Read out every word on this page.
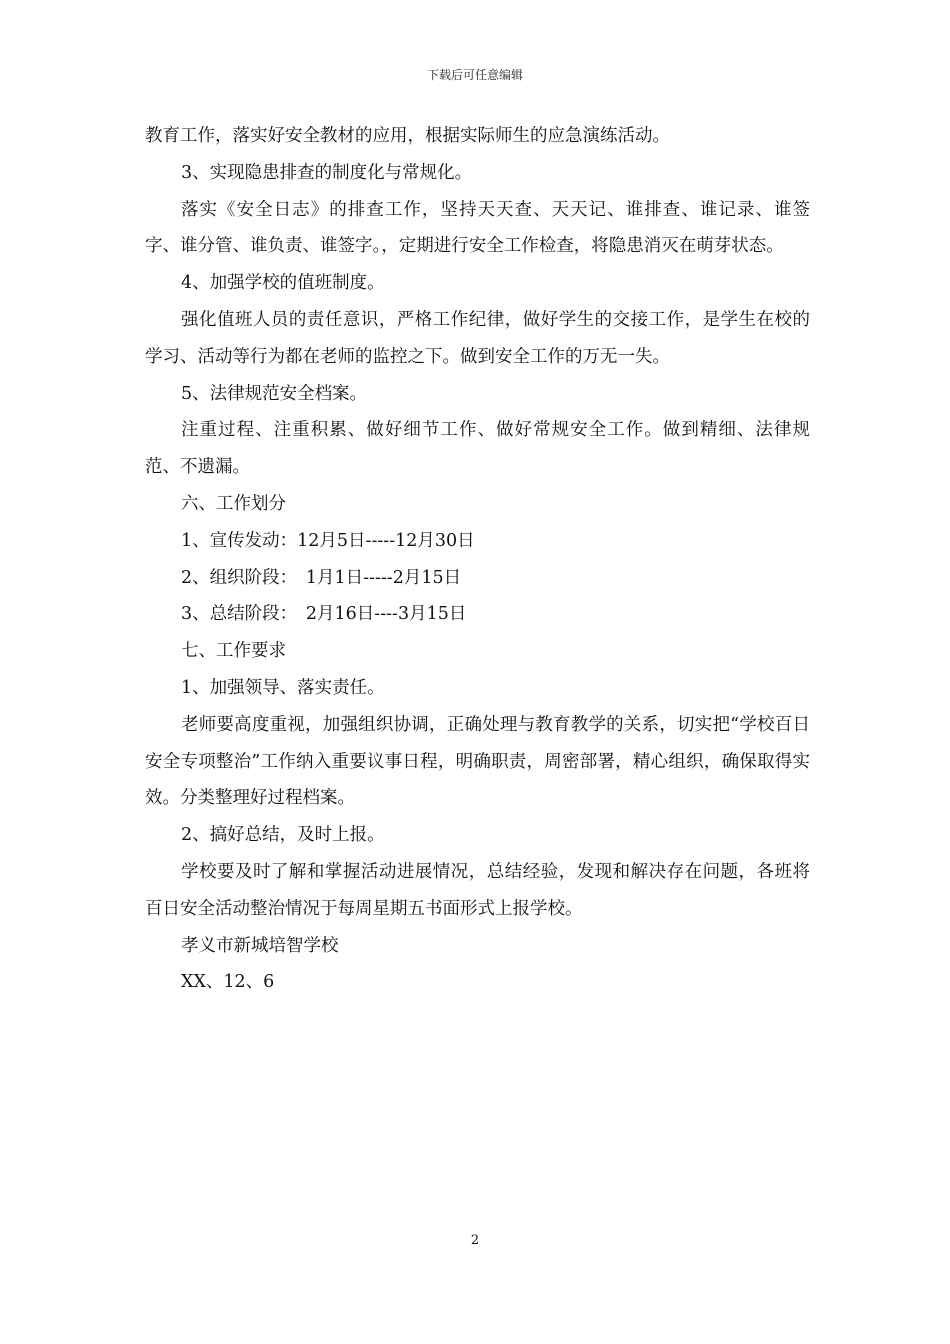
下载后可任意编辑

教育工作，落实好安全教材的应用，根据实际师生的应急演练活动。

3、实现隐患排查的制度化与常规化。

落实《安全日志》的排查工作，坚持天天查、天天记、谁排查、谁记录、谁签字、谁分管、谁负责、谁签字。，定期进行安全工作检查，将隐患消灭在萌芽状态。

4、加强学校的值班制度。

强化值班人员的责任意识，严格工作纪律，做好学生的交接工作，是学生在校的学习、活动等行为都在老师的监控之下。做到安全工作的万无一失。

5、法律规范安全档案。

注重过程、注重积累、做好细节工作、做好常规安全工作。做到精细、法律规范、不遗漏。

六、工作划分

1、宣传发动：12月5日-----12月30日

2、组织阶段：　1月1日-----2月15日

3、总结阶段：　2月16日----3月15日

七、工作要求

1、加强领导、落实责任。

老师要高度重视，加强组织协调，正确处理与教育教学的关系，切实把“学校百日安全专项整治”工作纳入重要议事日程，明确职责，周密部署，精心组织，确保取得实效。分类整理好过程档案。

2、搞好总结，及时上报。

学校要及时了解和掌握活动进展情况，总结经验，发现和解决存在问题，各班将百日安全活动整治情况于每周星期五书面形式上报学校。

孝义市新城培智学校

XX、12、6

2
